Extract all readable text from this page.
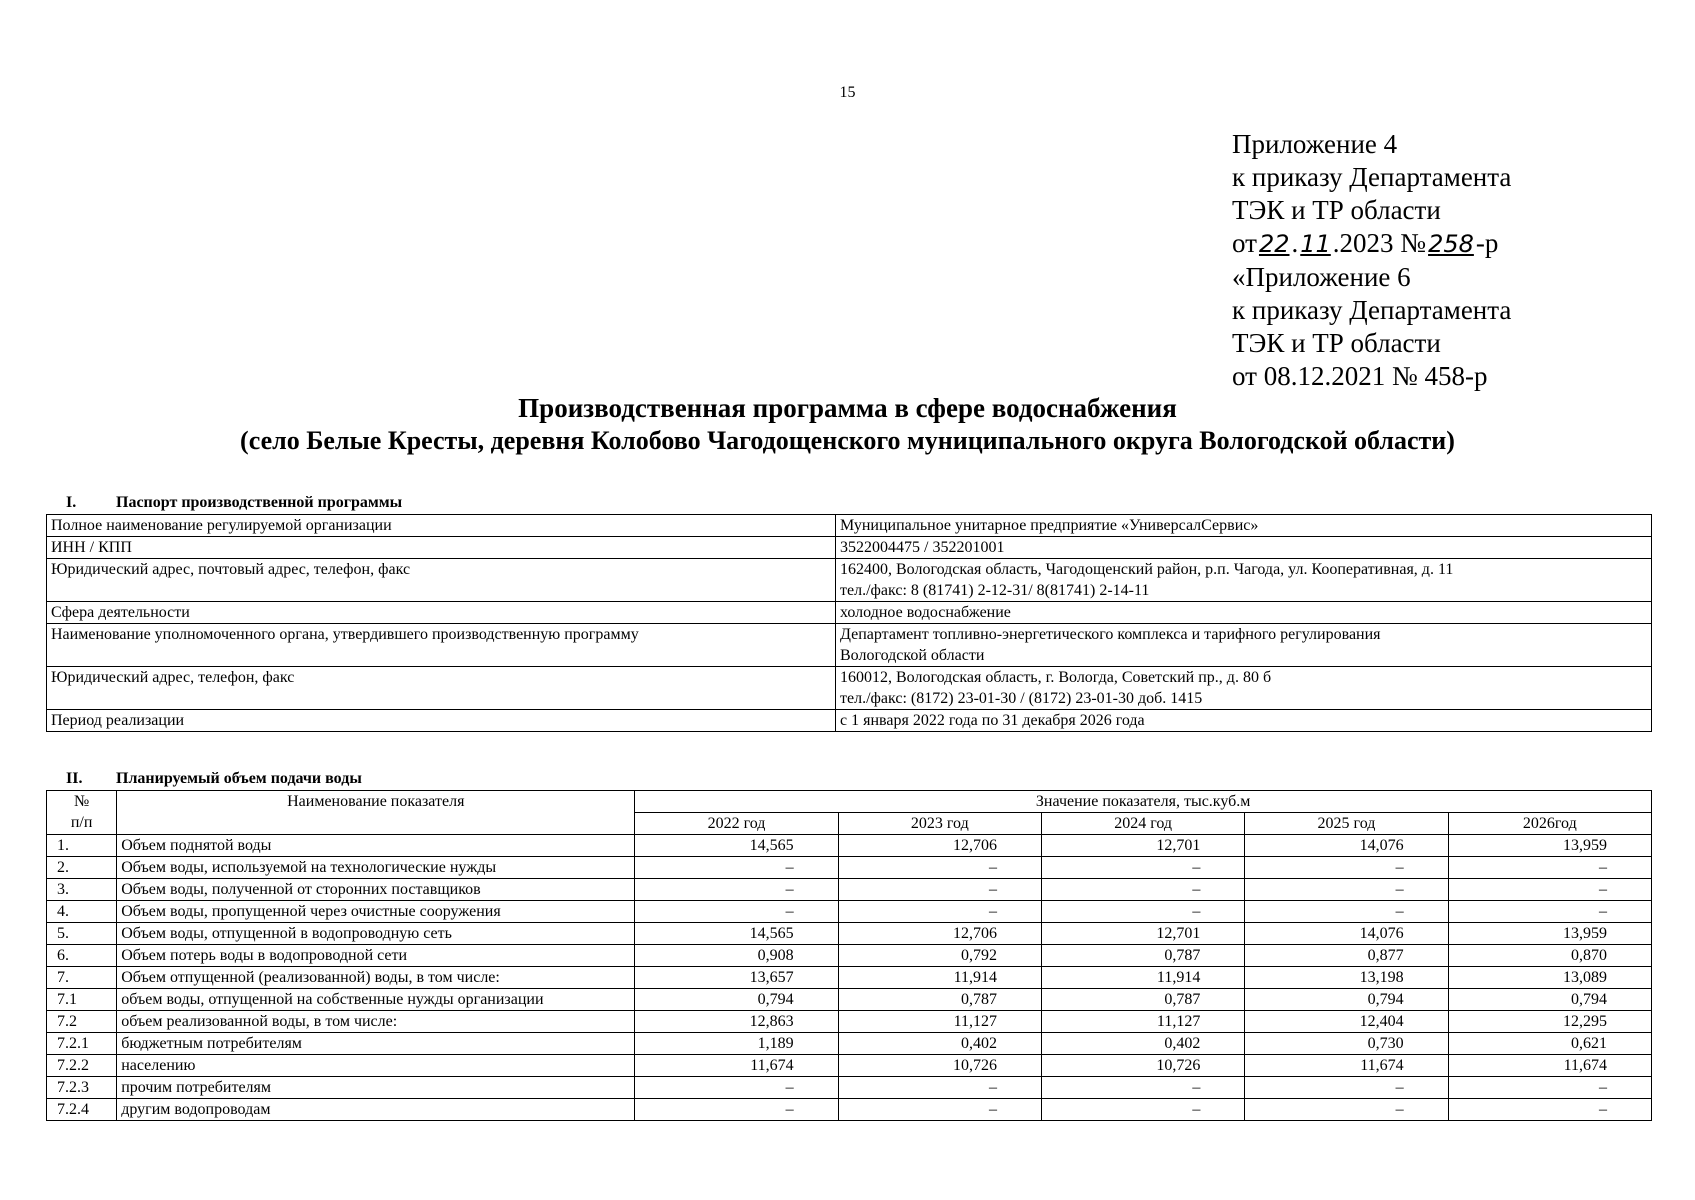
15
Приложение 4
к приказу Департамента
ТЭК и ТР области
от22.11.2023 №258-р
«Приложение 6
к приказу Департамента
ТЭК и ТР области
от 08.12.2021 № 458-р
Производственная программа в сфере водоснабжения
(село Белые Кресты, деревня Колобово Чагодощенского муниципального округа Вологодской области)
I. Паспорт производственной программы
Полное наименование регулируемой организации	Муниципальное унитарное предприятие «УниверсалСервис»

ИНН / КПП	3522004475 / 352201001

Юридический адрес, почтовый адрес, телефон, факс	162400, Вологодская область, Чагодощенский район, р.п. Чагода, ул. Кооперативная, д. 11
тел./факс: 8 (81741) 2-12-31/ 8(81741) 2-14-11

Сфера деятельности	холодное водоснабжение

Наименование уполномоченного органа, утвердившего производственную программу	Департамент топливно-энергетического комплекса и тарифного регулирования
Вологодской области

Юридический адрес, телефон, факс	160012, Вологодская область, г. Вологда, Советский пр., д. 80 б
тел./факс: (8172) 23-01-30 / (8172) 23-01-30 доб. 1415

Период реализации	с 1 января 2022 года по 31 декабря 2026 года
II. Планируемый объем подачи воды
№
п/п	Наименование показателя	Значение показателя, тыс.куб.м				
		2022 год	2023 год	2024 год	2025 год	2026год
1.	Объем поднятой воды	14,565	12,706	12,701	14,076	13,959
2.	Объем воды, используемой на технологические нужды	–	–	–	–	–
3.	Объем воды, полученной от сторонних поставщиков	–	–	–	–	–
4.	Объем воды, пропущенной через очистные сооружения	–	–	–	–	–
5.	Объем воды, отпущенной в водопроводную сеть	14,565	12,706	12,701	14,076	13,959
6.	Объем потерь воды в водопроводной сети	0,908	0,792	0,787	0,877	0,870
7.	Объем отпущенной (реализованной) воды, в том числе:	13,657	11,914	11,914	13,198	13,089
7.1	объем воды, отпущенной на собственные нужды организации	0,794	0,787	0,787	0,794	0,794
7.2	объем реализованной воды, в том числе:	12,863	11,127	11,127	12,404	12,295
7.2.1	бюджетным потребителям	1,189	0,402	0,402	0,730	0,621
7.2.2	населению	11,674	10,726	10,726	11,674	11,674
7.2.3	прочим потребителям	–	–	–	–	–
7.2.4	другим водопроводам	–	–	–	–	–
